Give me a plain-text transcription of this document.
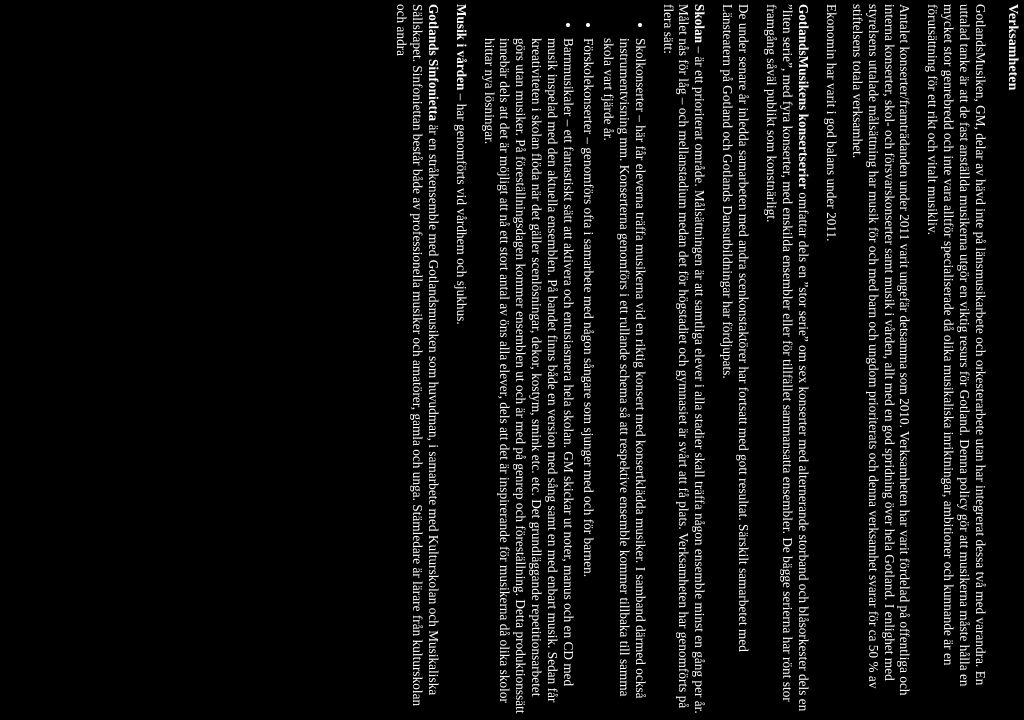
Verksamheten

GotlandsMusiken, GM, delar av hävd inte på länsmusikarbete och orkesterarbete utan har integrerat dessa två med varandra. En uttalad tanke är att de fast anställda musikerna utgör en viktig resurs för Gotland. Denna policy gör att musikerna måste hålla en mycket stor genrebredd och inte vara alltför specialiserade då olika musikaliska inriktningar, ambitioner och kunnande är en förutsättning för ett rikt och vitalt musikliv.

Antalet konserter/framträdanden under 2011 varit ungefär detsamma som 2010. Verksamheten har varit fördelad på offentliga och interna konserter, skol- och försvarskonserter samt musik i vården, allt med en god spridning över hela Gotland. I enlighet med styrelsens uttalade målsättning har musik för och med barn och ungdom prioriterats och denna verksamhet svarar för ca 50 % av stiftelsens totala verksamhet.

Ekonomin har varit i god balans under 2011.

GotlandsMusikens konsertserier omfattar dels en ”stor serie” om sex konserter med alternerande storband och blåsorkester dels en ”liten serie”, med fyra konserter, med enskilda ensembler eller för tillfället sammansatta ensembler. De bägge serierna har rönt stor framgång såväl publikt som konstnärligt.

De under senare år inledda samarbeten med andra scenkonstaktörer har fortsatt med gott resultat. Särskilt samarbetet med Länsteatern på Gotland och Gotlands Dansutbildningar har fördjupats.

Skolan – är ett prioriterat område. Målsättningen är att samtliga elever i alla stadier skall träffa någon ensemble minst en gång per år. Målet nås för låg – och mellanstadium medan det för högstadiet och gymnasiet är svårt att få plats. Verksamheten har genomförts på flera sätt:

• Skolkonserter – här får eleverna träffa musikerna vid en riktig konsert med konsertklädda musiker. I samband därmed också instrumentvisning mm. Konserterna genomförs i ett rullande schema så att respektive ensemble kommer tillbaka till samma skola vart fjärde år.
• Förskolekonserter – genomförs ofta i samarbete med någon sångare som sjunger med och för barnen.
• Barnmusikaler – ett fantastiskt sätt att aktivera och entusiasmera hela skolan. GM skickar ut noter, manus och en CD med musik inspelad med den aktuella ensemblen. På bandet finns både en version med sång samt en med enbart musik. Sedan får kreativiteten i skolan flöda när det gäller scenlösningar, dekor, kostym, smink etc. etc. Det grundläggande repetitionsarbetet görs utan musiker. På föreställningsdagen kommer ensemblen ut och är med på genrep och föreställning. Detta produktionssätt innebär dels att det är möjligt att nå ett stort antal av öns alla elever, dels att det är inspirerande för musikerna då olika skolor hittar nya lösningar.

Musik i vården – har genomförts vid vårdhem och sjukhus.

Gotlands Sinfonietta är en stråkensemble med Gotlandsmusiken som huvudman, i samarbete med Kulturskolan och Musikaliska Sällskapet. Sinfoniettan består både av professionella musiker och amatörer, gamla och unga. Stämledare är lärare från kulturskolan och andra
